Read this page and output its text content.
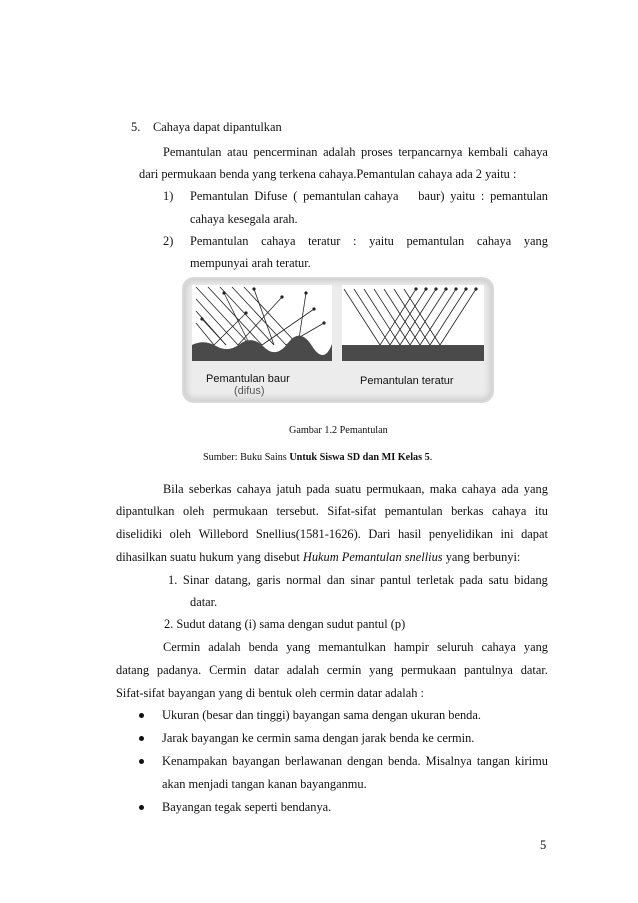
5. Cahaya dapat dipantulkan
Pemantulan atau pencerminan adalah proses terpancarnya kembali cahaya
dari permukaan benda yang terkena cahaya.Pemantulan cahaya ada 2 yaitu :
1) Pemantulan Difuse ( pemantulan cahaya baur) yaitu : pemantulan
cahaya kesegala arah.
2) Pemantulan cahaya teratur : yaitu pemantulan cahaya yang
mempunyai arah teratur.
Pemantulan baur
(difus)
Pemantulan teratur
Gambar 1.2 Pemantulan
Sumber: Buku Sains Untuk Siswa SD dan MI Kelas 5.
Bila seberkas cahaya jatuh pada suatu permukaan, maka cahaya ada yang
dipantulkan oleh permukaan tersebut. Sifat-sifat pemantulan berkas cahaya itu
diselidiki oleh Willebord Snellius(1581-1626). Dari hasil penyelidikan ini dapat
dihasilkan suatu hukum yang disebut Hukum Pemantulan snellius yang berbunyi:
1. Sinar datang, garis normal dan sinar pantul terletak pada satu bidang
datar.
2. Sudut datang (i) sama dengan sudut pantul (p)
Cermin adalah benda yang memantulkan hampir seluruh cahaya yang
datang padanya. Cermin datar adalah cermin yang permukaan pantulnya datar.
Sifat-sifat bayangan yang di bentuk oleh cermin datar adalah :
Ukuran (besar dan tinggi) bayangan sama dengan ukuran benda.
Jarak bayangan ke cermin sama dengan jarak benda ke cermin.
Kenampakan bayangan berlawanan dengan benda. Misalnya tangan kirimu
akan menjadi tangan kanan bayanganmu.
Bayangan tegak seperti bendanya.
5
